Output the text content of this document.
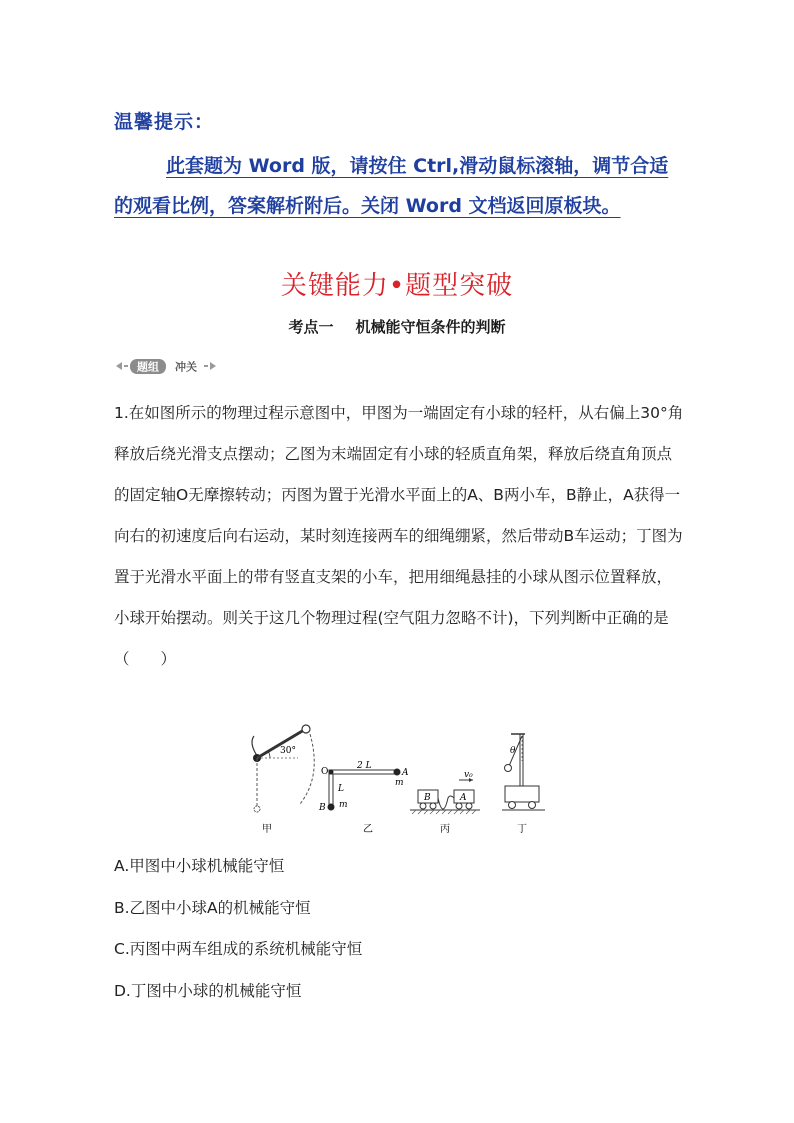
温馨提示：

此套题为 Word 版，请按住 Ctrl,滑动鼠标滚轴，调节合适的观看比例，答案解析附后。关闭 Word 文档返回原板块。

关键能力•题型突破
考点一 机械能守恒条件的判断
题组 冲关

1.在如图所示的物理过程示意图中，甲图为一端固定有小球的轻杆，从右偏上30°角释放后绕光滑支点摆动；乙图为末端固定有小球的轻质直角架，释放后绕直角顶点的固定轴O无摩擦转动；丙图为置于光滑水平面上的A、B两小车，B静止，A获得一向右的初速度后向右运动，某时刻连接两车的细绳绷紧，然后带动B车运动；丁图为置于光滑水平面上的带有竖直支架的小车，把用细绳悬挂的小球从图示位置释放，小球开始摆动。则关于这几个物理过程(空气阻力忽略不计)，下列判断中正确的是　（　　）

30°
甲
O
2 L
A
m
L
B m
乙
B	A
v₀
丙
θ
丁
A.甲图中小球机械能守恒
B.乙图中小球A的机械能守恒
C.丙图中两车组成的系统机械能守恒
D.丁图中小球的机械能守恒
